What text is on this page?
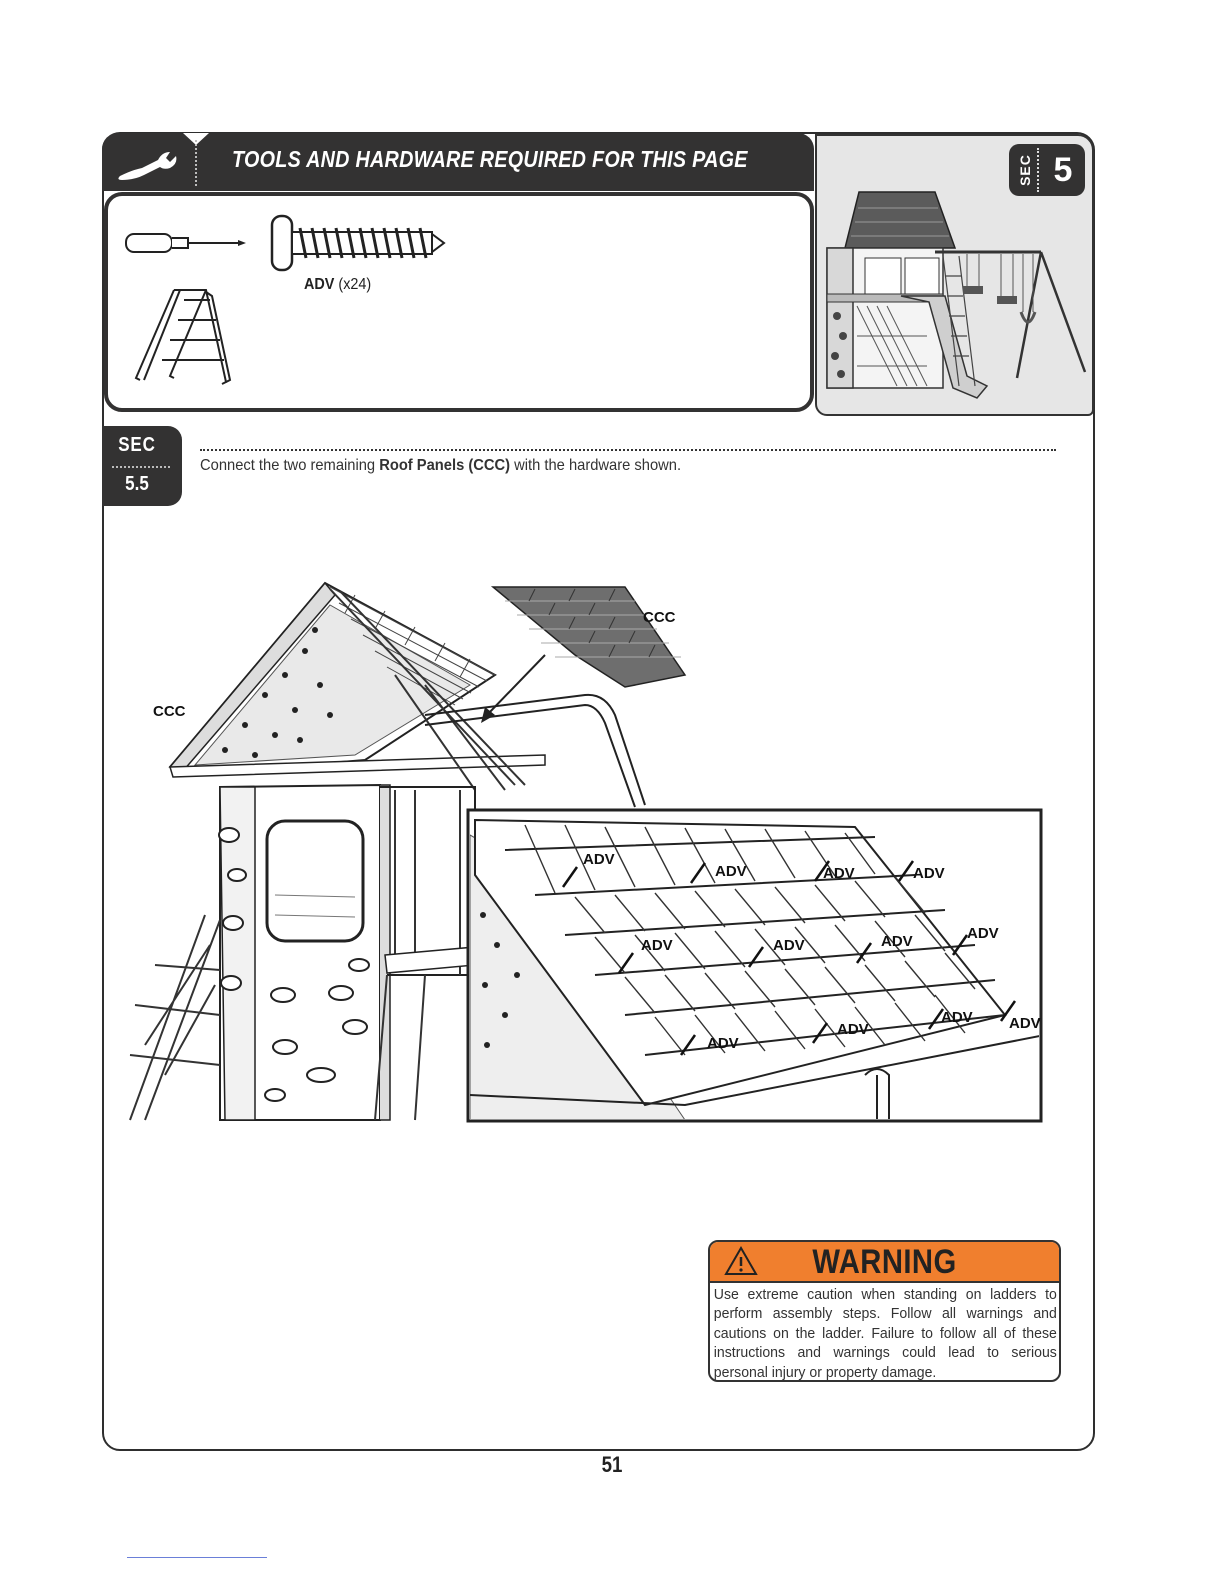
TOOLS AND HARDWARE REQUIRED FOR THIS PAGE
ADV (x24)
SEC 5
SEC
5.5
Connect the two remaining Roof Panels (CCC) with the hardware shown.
CCC
CCC
ADV
ADV	ADV	ADV
ADV	ADV	ADV	ADV
ADV
ADV
ADV ADV
WARNING
Use extreme caution when standing on ladders to perform assembly steps. Follow all warnings and cautions on the ladder. Failure to follow all of these instructions and warnings could lead to serious personal injury or property damage.
51
